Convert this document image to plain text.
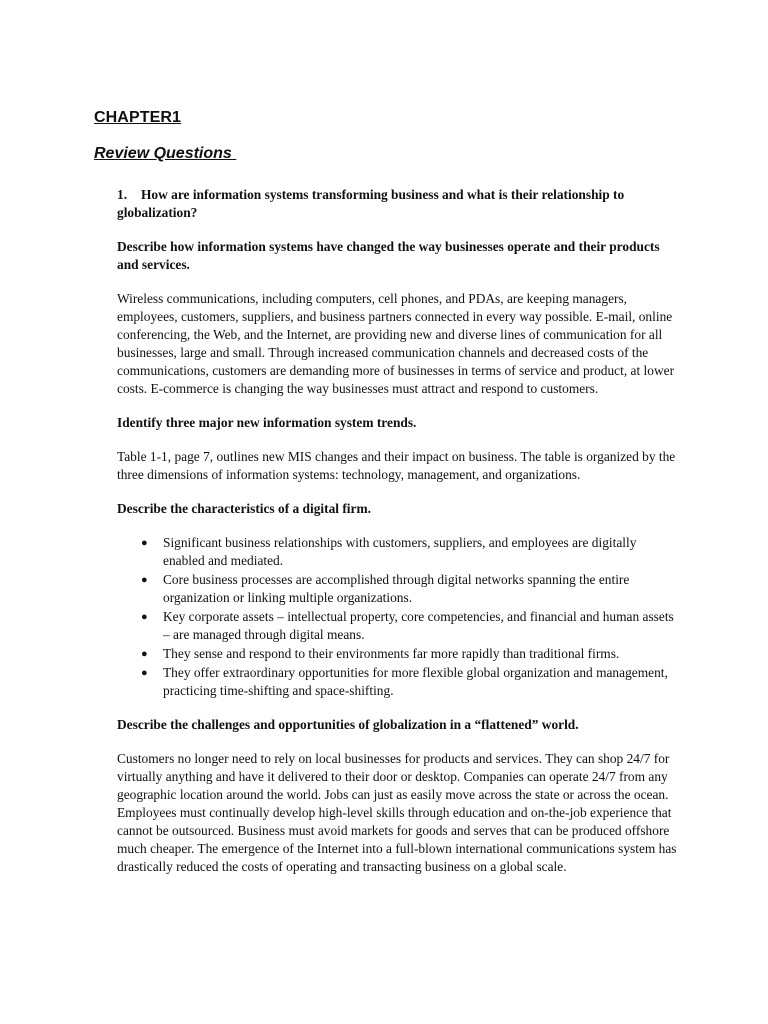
CHAPTER1
Review Questions

1. How are information systems transforming business and what is their relationship to globalization?

Describe how information systems have changed the way businesses operate and their products and services.

Wireless communications, including computers, cell phones, and PDAs, are keeping managers, employees, customers, suppliers, and business partners connected in every way possible. E-mail, online conferencing, the Web, and the Internet, are providing new and diverse lines of communication for all businesses, large and small. Through increased communication channels and decreased costs of the communications, customers are demanding more of businesses in terms of service and product, at lower costs. E-commerce is changing the way businesses must attract and respond to customers.

Identify three major new information system trends.

Table 1-1, page 7, outlines new MIS changes and their impact on business. The table is organized by the three dimensions of information systems: technology, management, and organizations.

Describe the characteristics of a digital firm.

● Significant business relationships with customers, suppliers, and employees are digitally enabled and mediated.
● Core business processes are accomplished through digital networks spanning the entire organization or linking multiple organizations.
● Key corporate assets – intellectual property, core competencies, and financial and human assets – are managed through digital means.
● They sense and respond to their environments far more rapidly than traditional firms.
● They offer extraordinary opportunities for more flexible global organization and management, practicing time-shifting and space-shifting.

Describe the challenges and opportunities of globalization in a “flattened” world.

Customers no longer need to rely on local businesses for products and services. They can shop 24/7 for virtually anything and have it delivered to their door or desktop. Companies can operate 24/7 from any geographic location around the world. Jobs can just as easily move across the state or across the ocean. Employees must continually develop high-level skills through education and on-the-job experience that cannot be outsourced. Business must avoid markets for goods and serves that can be produced offshore much cheaper. The emergence of the Internet into a full-blown international communications system has drastically reduced the costs of operating and transacting business on a global scale.
